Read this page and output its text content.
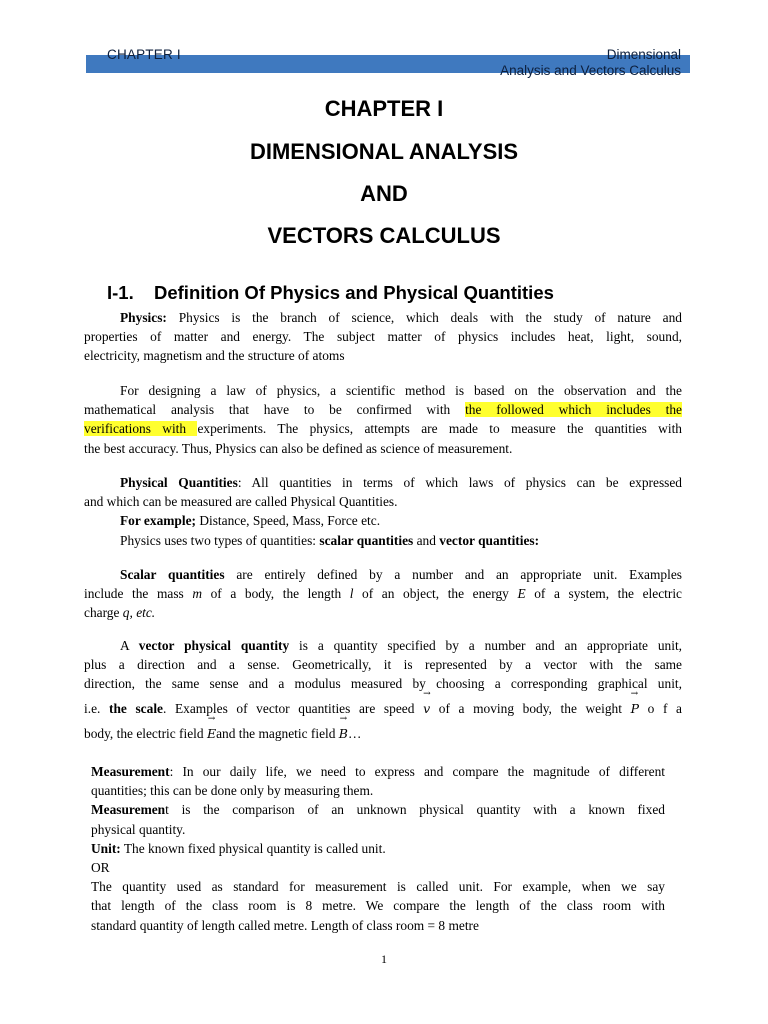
CHAPTER I	Dimensional
Analysis and Vectors Calculus
CHAPTER I
DIMENSIONAL ANALYSIS
AND
VECTORS CALCULUS
I-1. Definition Of Physics and Physical Quantities
Physics: Physics is the branch of science, which deals with the study of nature and
properties of matter and energy. The subject matter of physics includes heat, light, sound,
electricity, magnetism and the structure of atoms
For designing a law of physics, a scientific method is based on the observation and the
mathematical analysis that have to be confirmed with the followed which includes the
verifications with experiments. The physics, attempts are made to measure the quantities with
the best accuracy. Thus, Physics can also be defined as science of measurement.
Physical Quantities: All quantities in terms of which laws of physics can be expressed
and which can be measured are called Physical Quantities.
For example; Distance, Speed, Mass, Force etc.
Physics uses two types of quantities: scalar quantities and vector quantities:
Scalar quantities are entirely defined by a number and an appropriate unit. Examples
include the mass m of a body, the length l of an object, the energy E of a system, the electric
charge q, etc.
A vector physical quantity is a quantity specified by a number and an appropriate unit,
plus a direction and a sense. Geometrically, it is represented by a vector with the same
direction, the same sense and a modulus measured by choosing a corresponding graphical unit,
i.e. the scale. Examples of vector quantities are speed
→
v of a moving body, the weight
→
P o f a
body, the electric field
→
Eand the magnetic field
→
B…
Measurement: In our daily life, we need to express and compare the magnitude of different
quantities; this can be done only by measuring them.
Measurement is the comparison of an unknown physical quantity with a known fixed
physical quantity.
Unit: The known fixed physical quantity is called unit.
OR
The quantity used as standard for measurement is called unit. For example, when we say
that length of the class room is 8 metre. We compare the length of the class room with
standard quantity of length called metre. Length of class room = 8 metre
1
